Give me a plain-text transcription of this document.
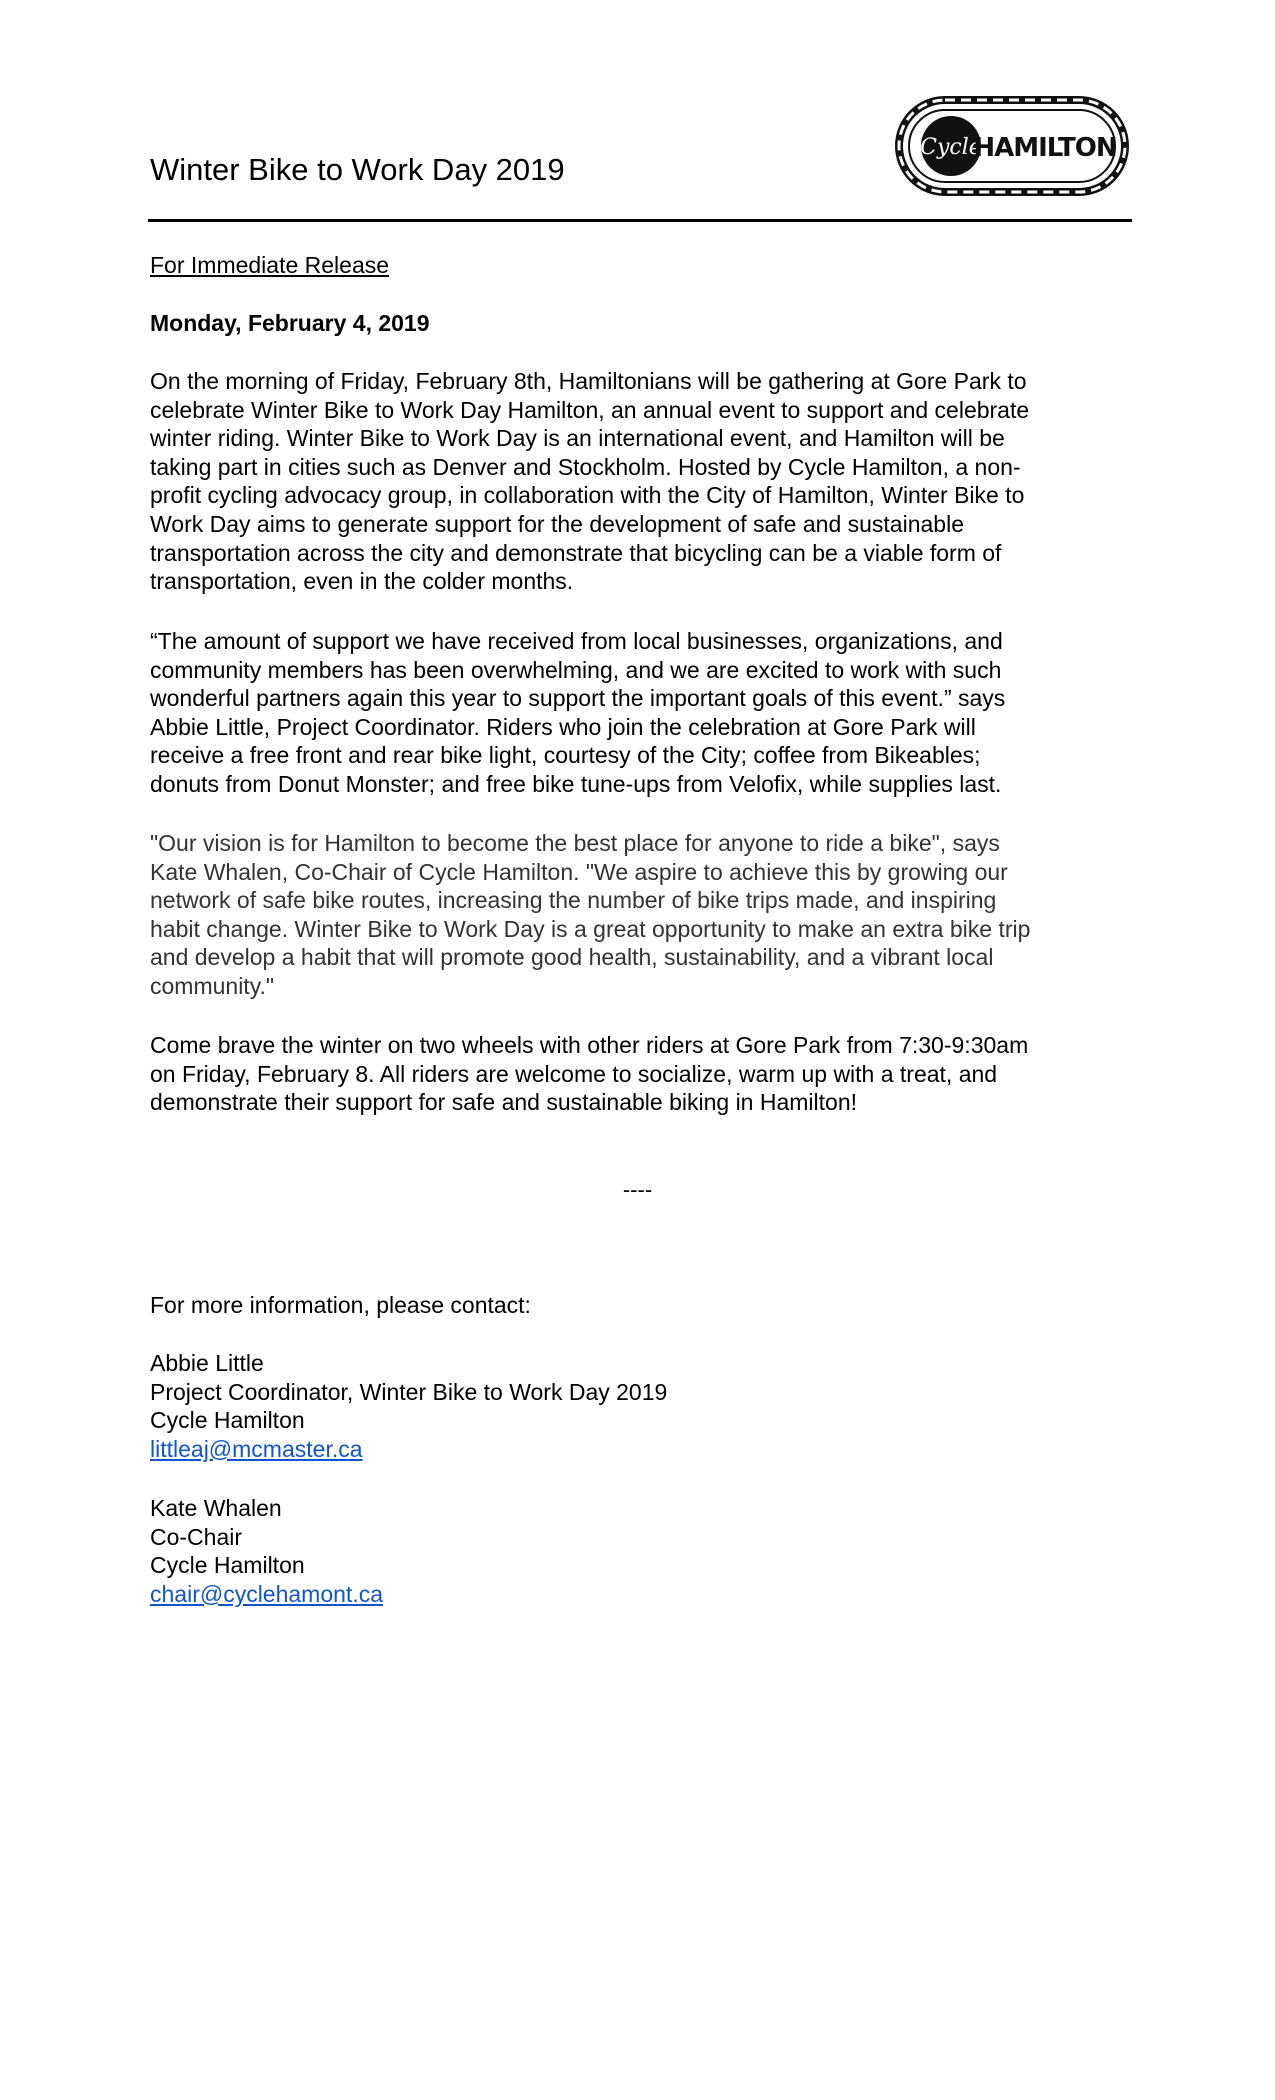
Winter Bike to Work Day 2019
Cycle
HAMILTON

For Immediate Release

Monday, February 4, 2019

On the morning of Friday, February 8th, Hamiltonians will be gathering at Gore Park to
celebrate Winter Bike to Work Day Hamilton, an annual event to support and celebrate
winter riding. Winter Bike to Work Day is an international event, and Hamilton will be
taking part in cities such as Denver and Stockholm. Hosted by Cycle Hamilton, a non-
profit cycling advocacy group, in collaboration with the City of Hamilton, Winter Bike to
Work Day aims to generate support for the development of safe and sustainable
transportation across the city and demonstrate that bicycling can be a viable form of
transportation, even in the colder months.
“The amount of support we have received from local businesses, organizations, and
community members has been overwhelming, and we are excited to work with such
wonderful partners again this year to support the important goals of this event.” says
Abbie Little, Project Coordinator. Riders who join the celebration at Gore Park will
receive a free front and rear bike light, courtesy of the City; coffee from Bikeables;
donuts from Donut Monster; and free bike tune-ups from Velofix, while supplies last.
"Our vision is for Hamilton to become the best place for anyone to ride a bike", says
Kate Whalen, Co-Chair of Cycle Hamilton. "We aspire to achieve this by growing our
network of safe bike routes, increasing the number of bike trips made, and inspiring
habit change. Winter Bike to Work Day is a great opportunity to make an extra bike trip
and develop a habit that will promote good health, sustainability, and a vibrant local
community."
Come brave the winter on two wheels with other riders at Gore Park from 7:30-9:30am
on Friday, February 8. All riders are welcome to socialize, warm up with a treat, and
demonstrate their support for safe and sustainable biking in Hamilton!
----

For more information, please contact:

Abbie Little
Project Coordinator, Winter Bike to Work Day 2019
Cycle Hamilton
littleaj@mcmaster.ca
Kate Whalen
Co-Chair
Cycle Hamilton
chair@cyclehamont.ca
